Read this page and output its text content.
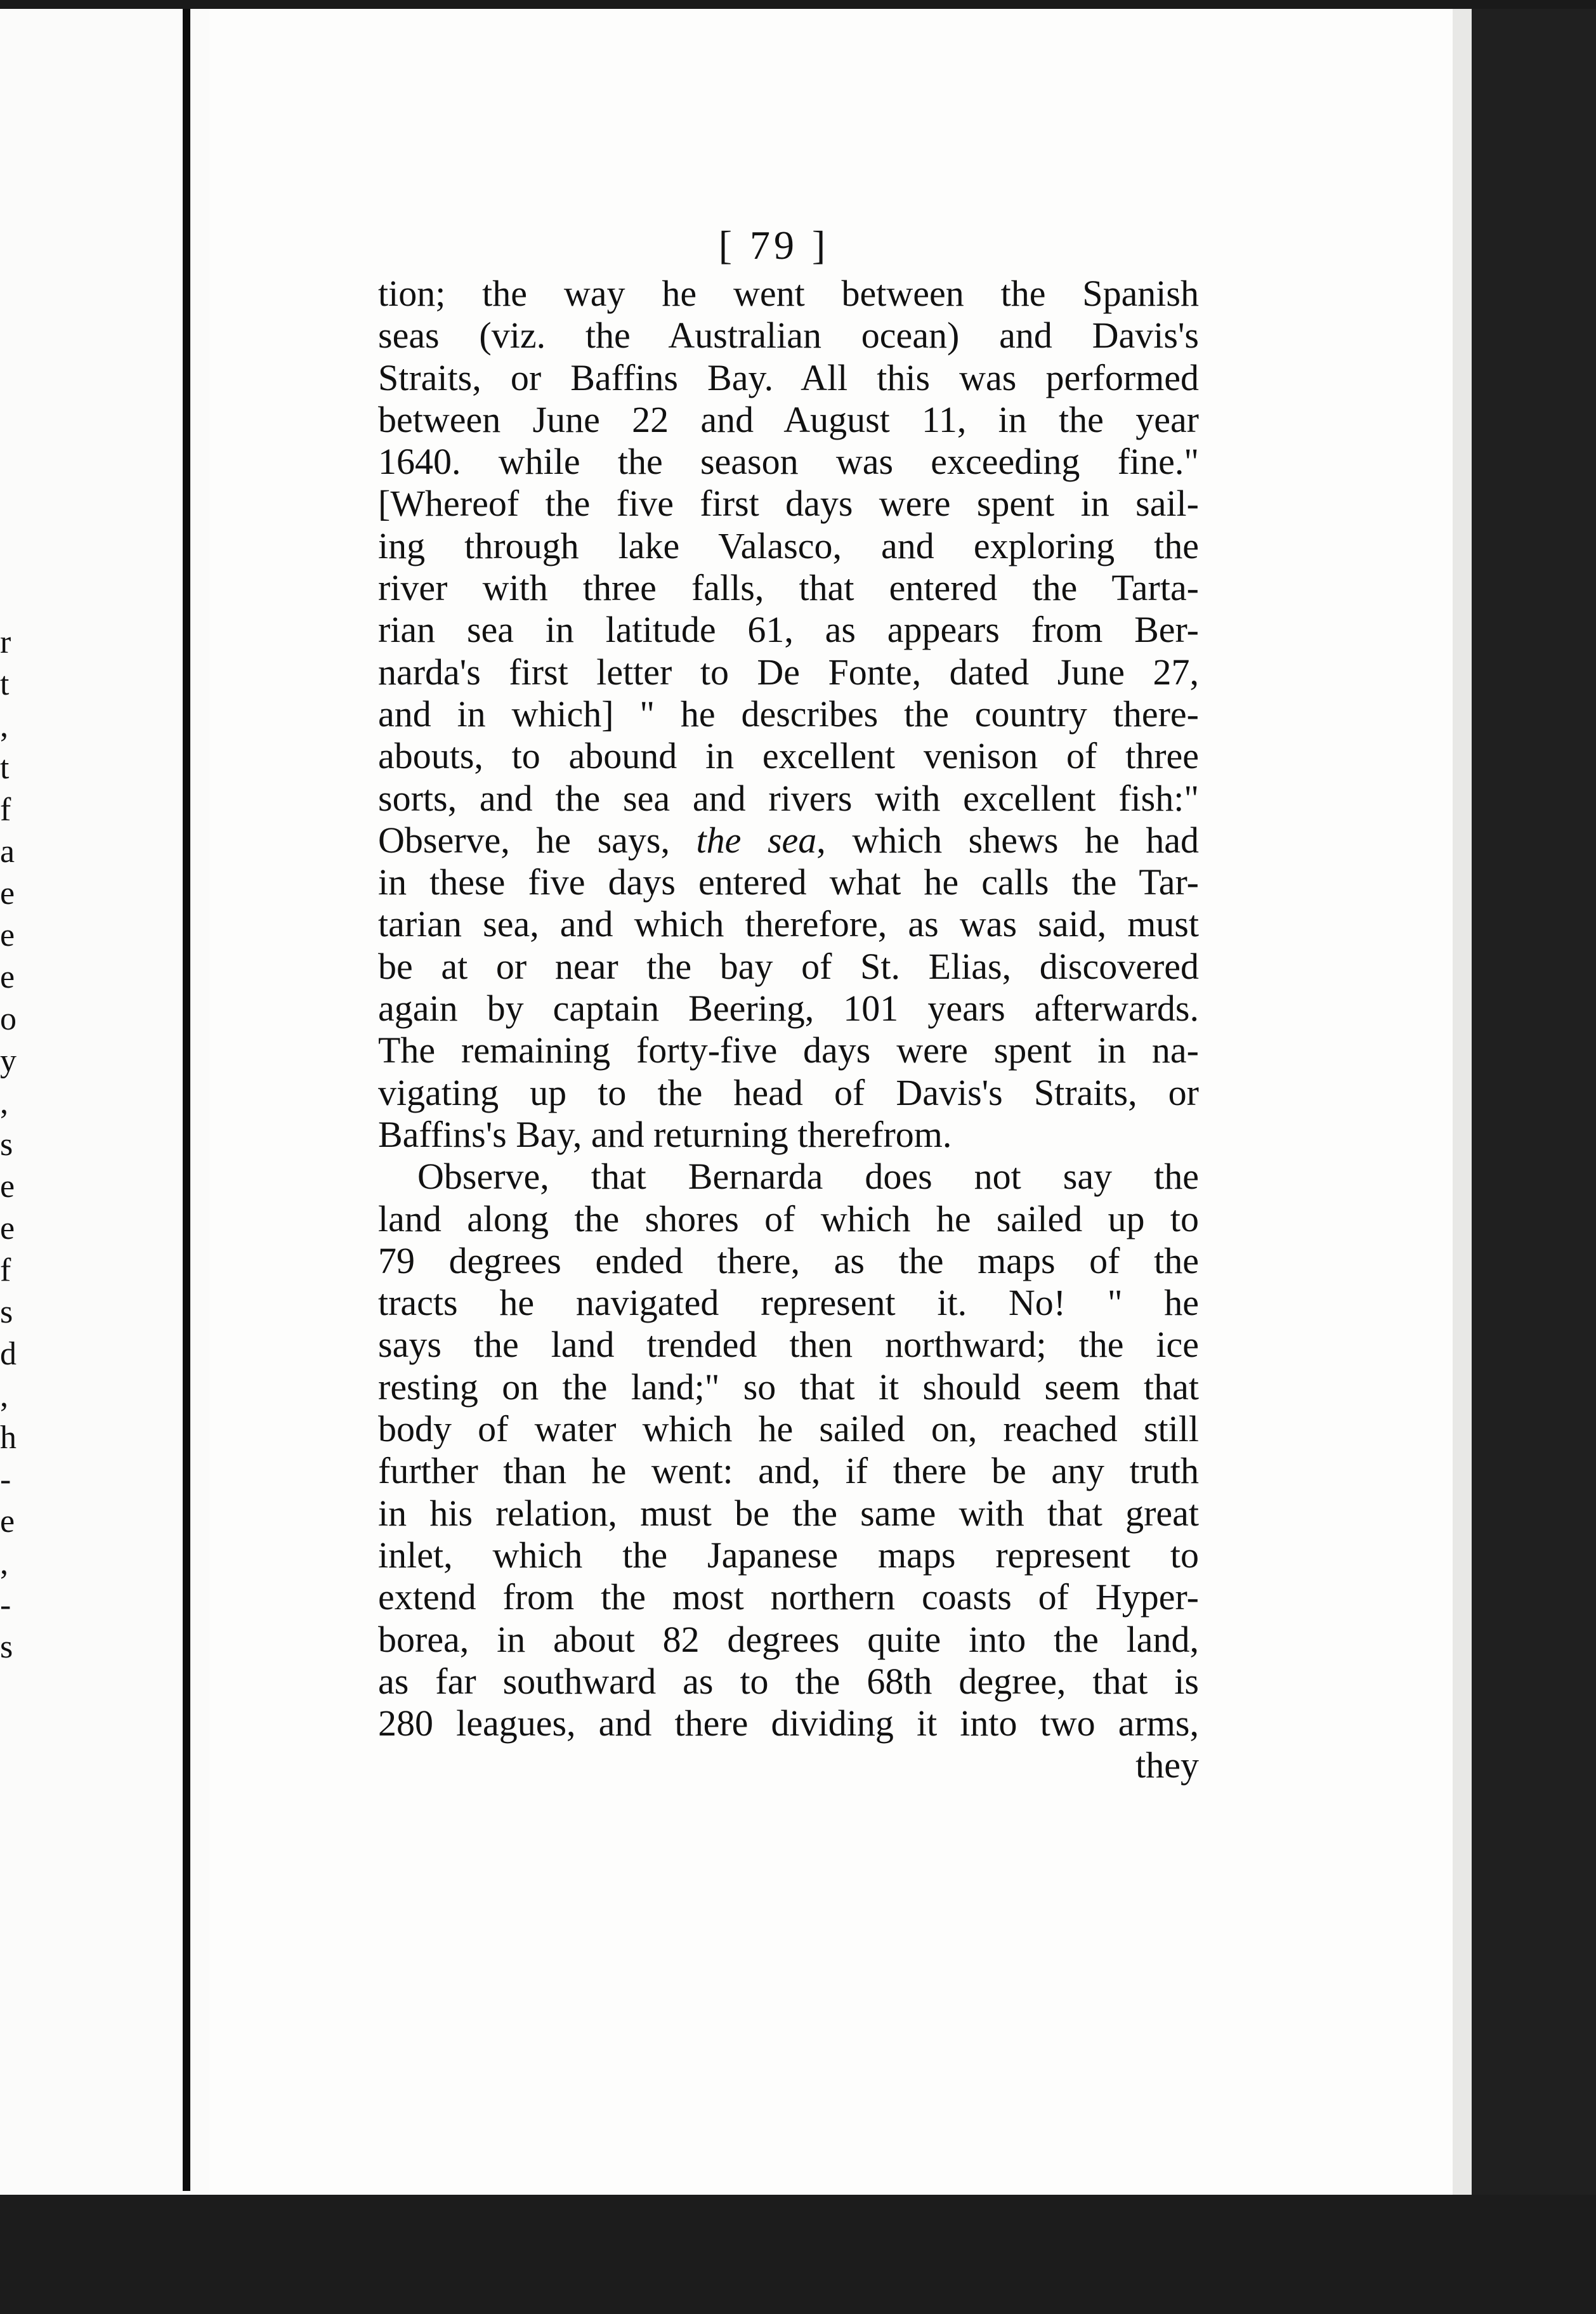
r
t
,
t
f
a
e
e
e
o
y
,
s
e
e
f
s
d
,
h
-
e
,
-
s
[ 79 ]
tion; the way he went between the Spanish
seas (viz. the Australian ocean) and Davis's
Straits, or Baffins Bay. All this was performed
between June 22 and August 11, in the year
1640. while the season was exceeding fine."
[Whereof the five first days were spent in sail-
ing through lake Valasco, and exploring the
river with three falls, that entered the Tarta-
rian sea in latitude 61, as appears from Ber-
narda's first letter to De Fonte, dated June 27,
and in which] " he describes the country there-
abouts, to abound in excellent venison of three
sorts, and the sea and rivers with excellent fish:"
Observe, he says, the sea, which shews he had
in these five days entered what he calls the Tar-
tarian sea, and which therefore, as was said, must
be at or near the bay of St. Elias, discovered
again by captain Beering, 101 years afterwards.
The remaining forty-five days were spent in na-
vigating up to the head of Davis's Straits, or
Baffins's Bay, and returning therefrom.
Observe, that Bernarda does not say the
land along the shores of which he sailed up to
79 degrees ended there, as the maps of the
tracts he navigated represent it. No! " he
says the land trended then northward; the ice
resting on the land;" so that it should seem that
body of water which he sailed on, reached still
further than he went: and, if there be any truth
in his relation, must be the same with that great
inlet, which the Japanese maps represent to
extend from the most northern coasts of Hyper-
borea, in about 82 degrees quite into the land,
as far southward as to the 68th degree, that is
280 leagues, and there dividing it into two arms,
they
